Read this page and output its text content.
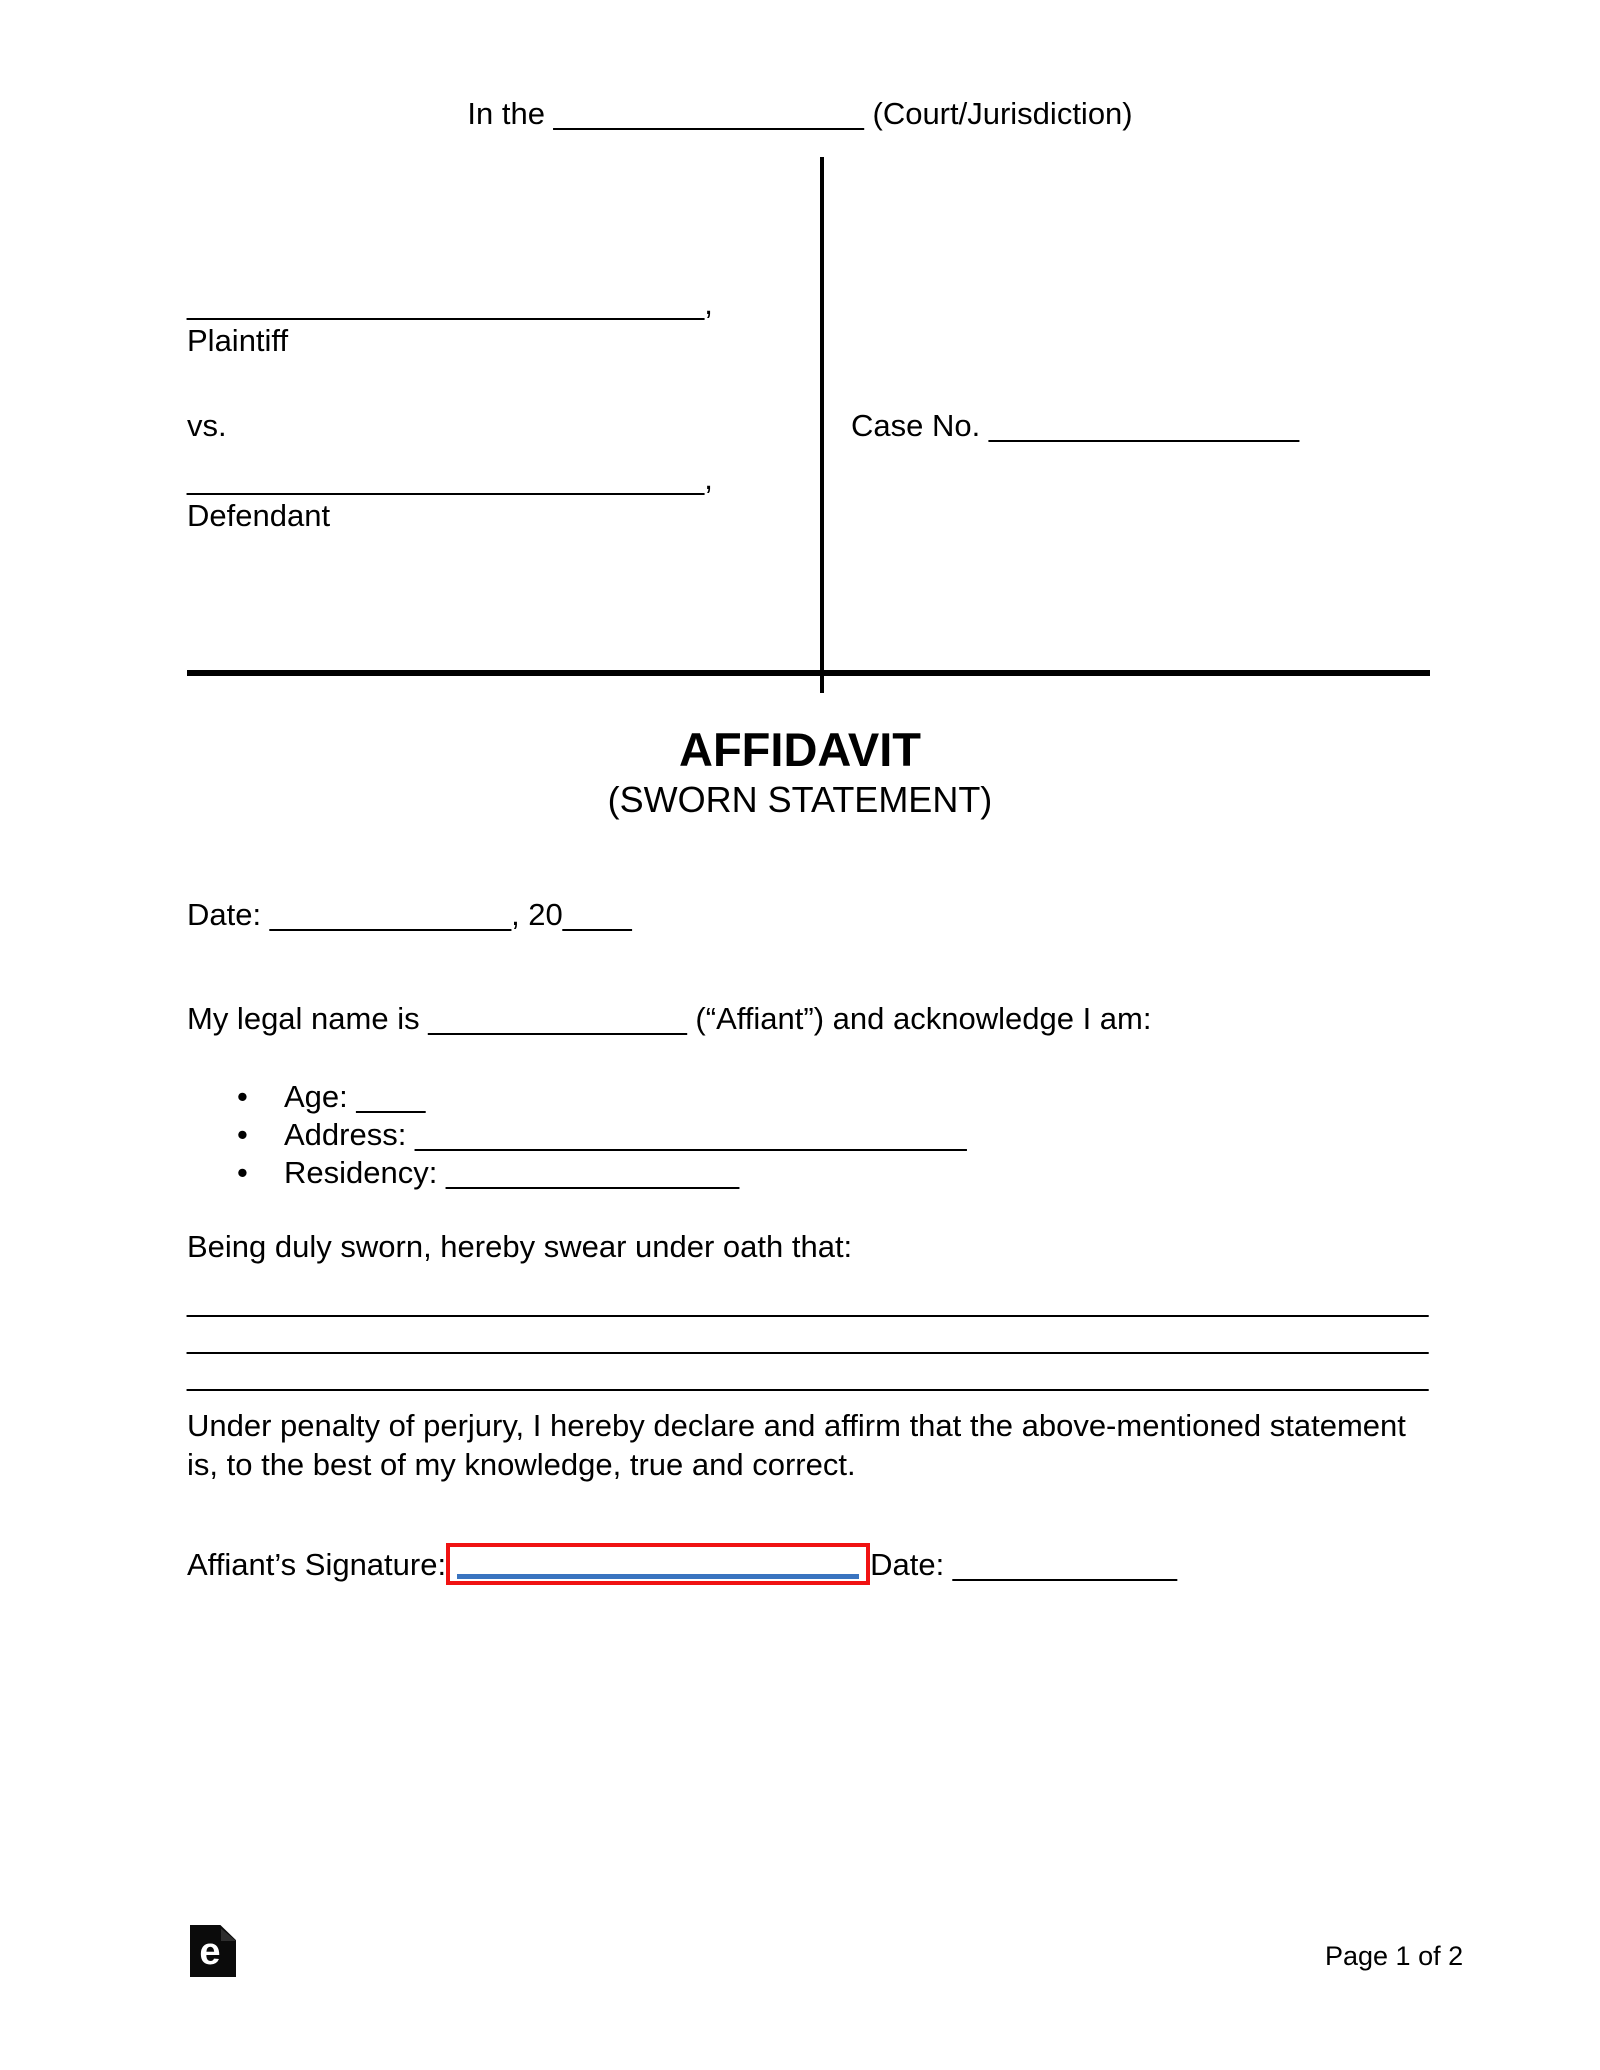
In the __________________ (Court/Jurisdiction)
______________________________,
Plaintiff
vs.
______________________________,
Defendant
Case No. __________________
AFFIDAVIT
(SWORN STATEMENT)
Date: ______________, 20____
My legal name is _______________ (“Affiant”) and acknowledge I am:
• Age: ____
• Address: ________________________________
• Residency: _________________
Being duly sworn, hereby swear under oath that:
________________________________________________________________________
________________________________________________________________________
________________________________________________________________________
Under penalty of perjury, I hereby declare and affirm that the above-mentioned statement is, to the best of my knowledge, true and correct.
Affiant’s Signature:	Date: _____________
e	Page 1 of 2
